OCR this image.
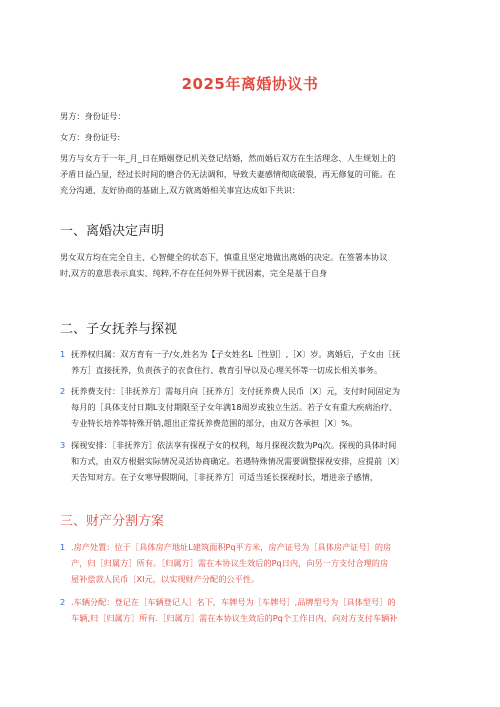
2025年离婚协议书
男方：身份证号：
女方：身份证号:
男方与女方于一年_月_日在婚姻登记机关登记结婚，然而婚后双方在生活理念、人生规划上的
矛盾日益凸显，经过长时间的磨合仍无法调和，导致夫妻感情彻底破裂，再无修复的可能。在
充分沟通、友好协商的基础上,双方就离婚相关事宜达成如下共识：
一、离婚决定声明
男女双方均在完全自主、心智健全的状态下，慎重且坚定地做出离婚的决定。在签署本协议
时,双方的意思表示真实、纯粹,不存在任何外界干扰因素，完全是基于自身
二、子女抚养与探视
1 抚养权归属：双方育有一子/女,姓名为【子女姓名L［性别］,［X〕岁。离婚后，子女由［抚
养方］直接抚养，负责孩子的衣食住行、教育引导以及心理关怀等一切成长相关事务。
2 抚养费支付：［非抚养方］需每月向［抚养方］支付抚养费人民币〔X〕元，支付时间固定为
每月的［具体支付日期L支付期限至子女年满18周岁或独立生活。若子女有重大疾病治疗、
专业特长培养等特殊开销,超出正常抚养费范围的部分，由双方各承担［X〕%。
3 探视安排：［非抚养方］依法享有探视子女的权利，每月探视次数为Pq次。探视的具体时间
和方式，由双方根据实际情况灵活协商确定。若遇特殊情况需要调整探视安排，应提前〔X〕
天告知对方。在子女寒导假期间，［非抚养方］可适当延长探视时长，增进亲子感情，
三、财产分割方案
1 .房产处置：位于［具体房产地址L建筑面积Pq平方米，房产证号为［具体房产证号］的房
产，归［归属方］所有。［归属方］需在本协议生效后的Pq日内，向另一方支付合理的房
屋补偿款人民币〔XI元，以实现财产分配的公平性。
2 .车辆分配：登记在［车辆登记人］名下，车牌号为［车牌号］,品牌型号为［具体型号］的
车辆,归［归属方］所有.［归属方］需在本协议生效后的Pq个工作日内，向对方支付车辆补
